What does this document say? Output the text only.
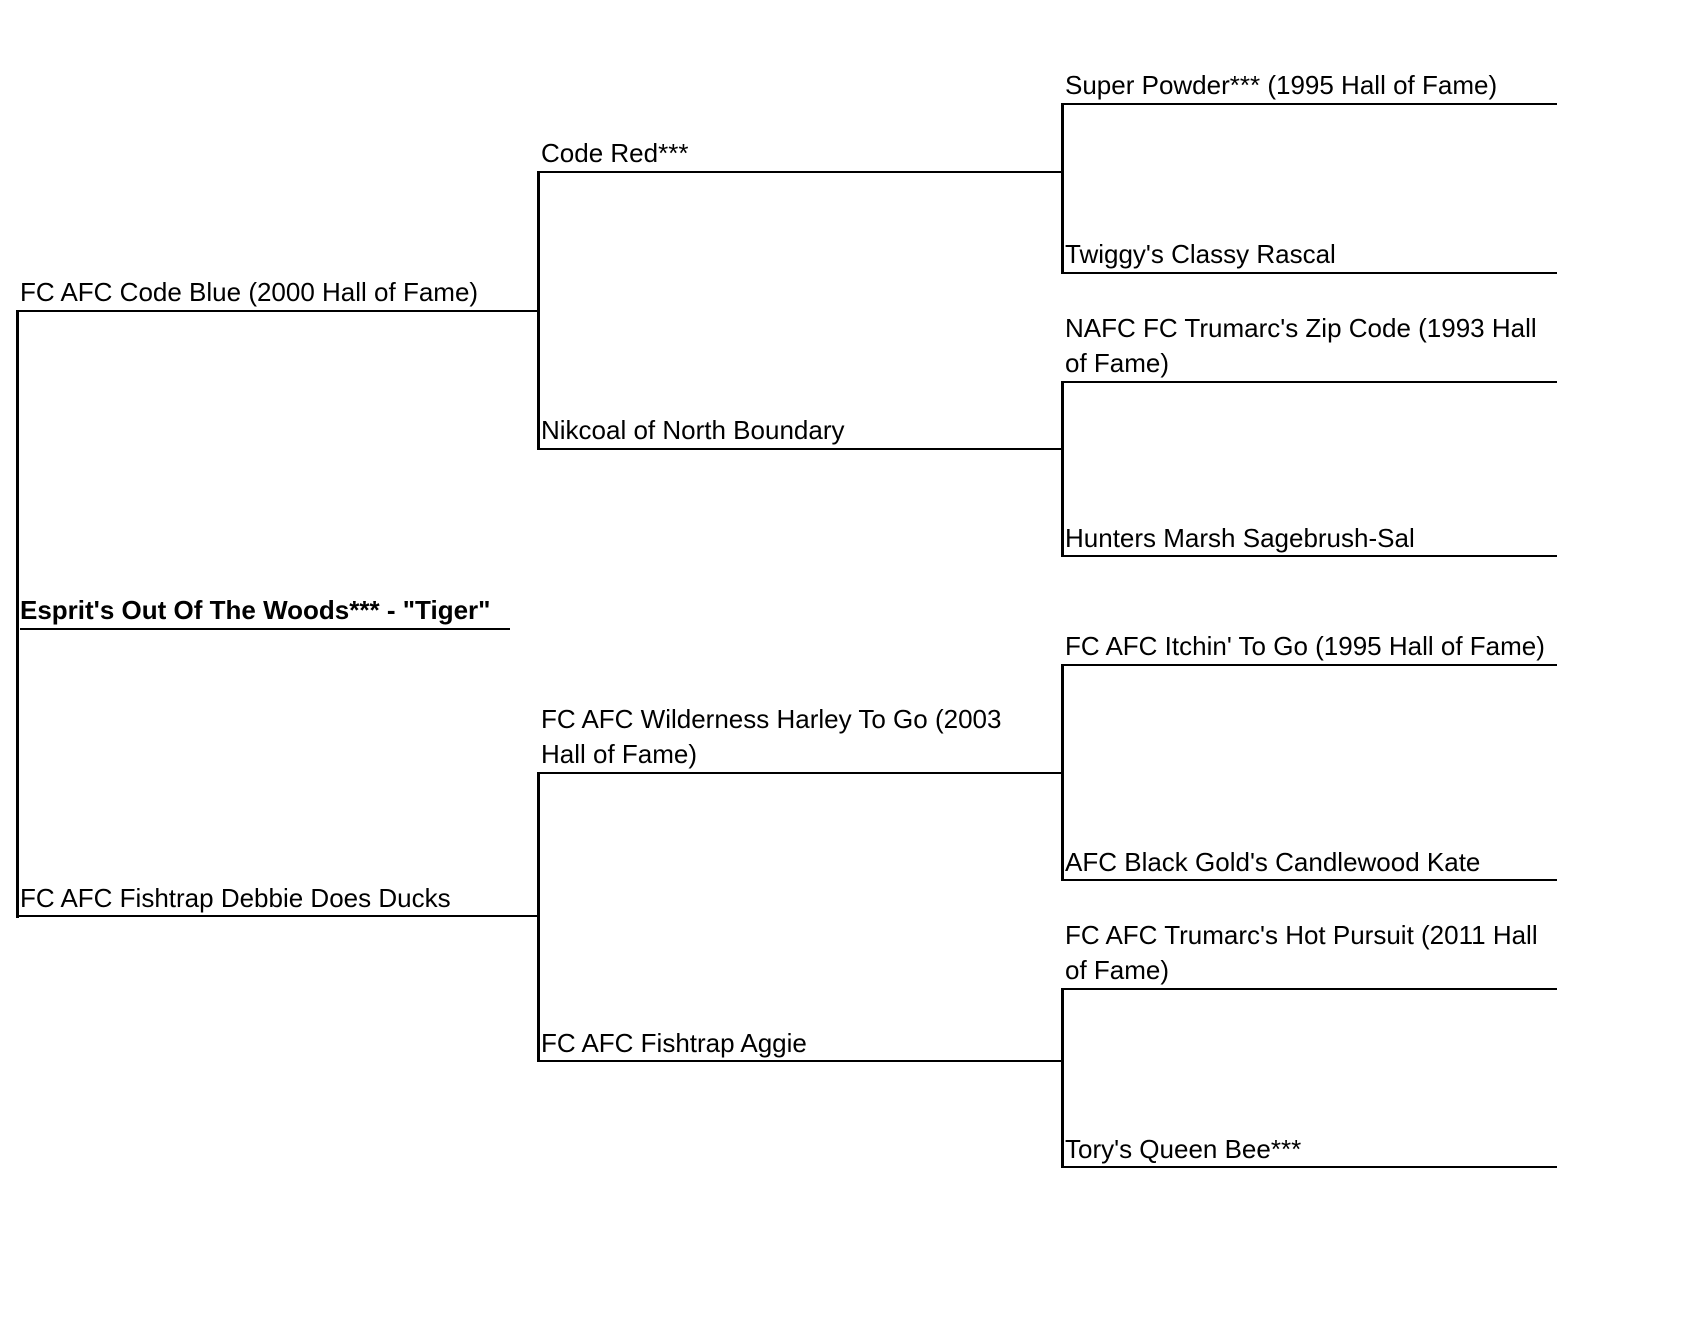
Esprit's Out Of The Woods*** - "Tiger"
FC AFC Code Blue (2000 Hall of Fame)
FC AFC Fishtrap Debbie Does Ducks
Code Red***
Nikcoal of North Boundary
FC AFC Wilderness Harley To Go (2003 Hall of Fame)
FC AFC Fishtrap Aggie
Super Powder*** (1995 Hall of Fame)
Twiggy's Classy Rascal
NAFC FC Trumarc's Zip Code (1993 Hall of Fame)
Hunters Marsh Sagebrush-Sal
FC AFC Itchin' To Go (1995 Hall of Fame)
AFC Black Gold's Candlewood Kate
FC AFC Trumarc's Hot Pursuit (2011 Hall of Fame)
Tory's Queen Bee***
